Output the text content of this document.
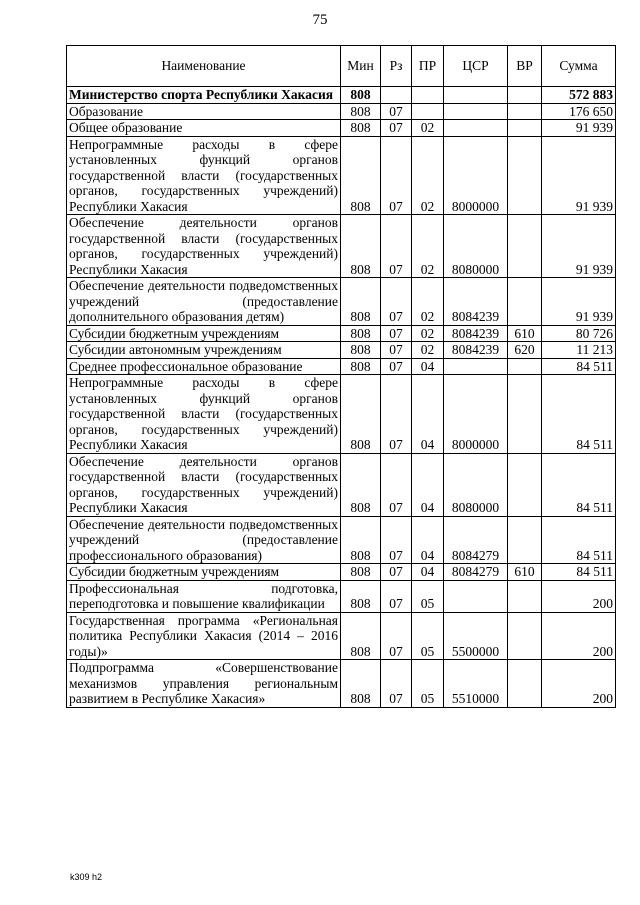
75
Наименование	Мин	Рз	ПР	ЦСР	ВР	Сумма
Министерство спорта Республики Хакасия	808					572 883
Образование	808	07				176 650
Общее образование	808	07	02			91 939
Непрограммные расходы в сфере установленных функций органов государственной власти (государственных органов, государственных учреждений) Республики Хакасия	808	07	02	8000000		91 939
Обеспечение деятельности органов государственной власти (государственных органов, государственных учреждений) Республики Хакасия	808	07	02	8080000		91 939
Обеспечение деятельности подведомственных учреждений (предоставление дополнительного образования детям)	808	07	02	8084239		91 939
Субсидии бюджетным учреждениям	808	07	02	8084239	610	80 726
Субсидии автономным учреждениям	808	07	02	8084239	620	11 213
Среднее профессиональное образование	808	07	04			84 511
Непрограммные расходы в сфере установленных функций органов государственной власти (государственных органов, государственных учреждений) Республики Хакасия	808	07	04	8000000		84 511
Обеспечение деятельности органов государственной власти (государственных органов, государственных учреждений) Республики Хакасия	808	07	04	8080000		84 511
Обеспечение деятельности подведомственных учреждений (предоставление профессионального образования)	808	07	04	8084279		84 511
Субсидии бюджетным учреждениям	808	07	04	8084279	610	84 511
Профессиональная подготовка, переподготовка и повышение квалификации	808	07	05			200
Государственная программа «Региональная политика Республики Хакасия (2014 – 2016 годы)»	808	07	05	5500000		200
Подпрограмма «Совершенствование механизмов управления региональным развитием в Республике Хакасия»	808	07	05	5510000		200
k309 h2
